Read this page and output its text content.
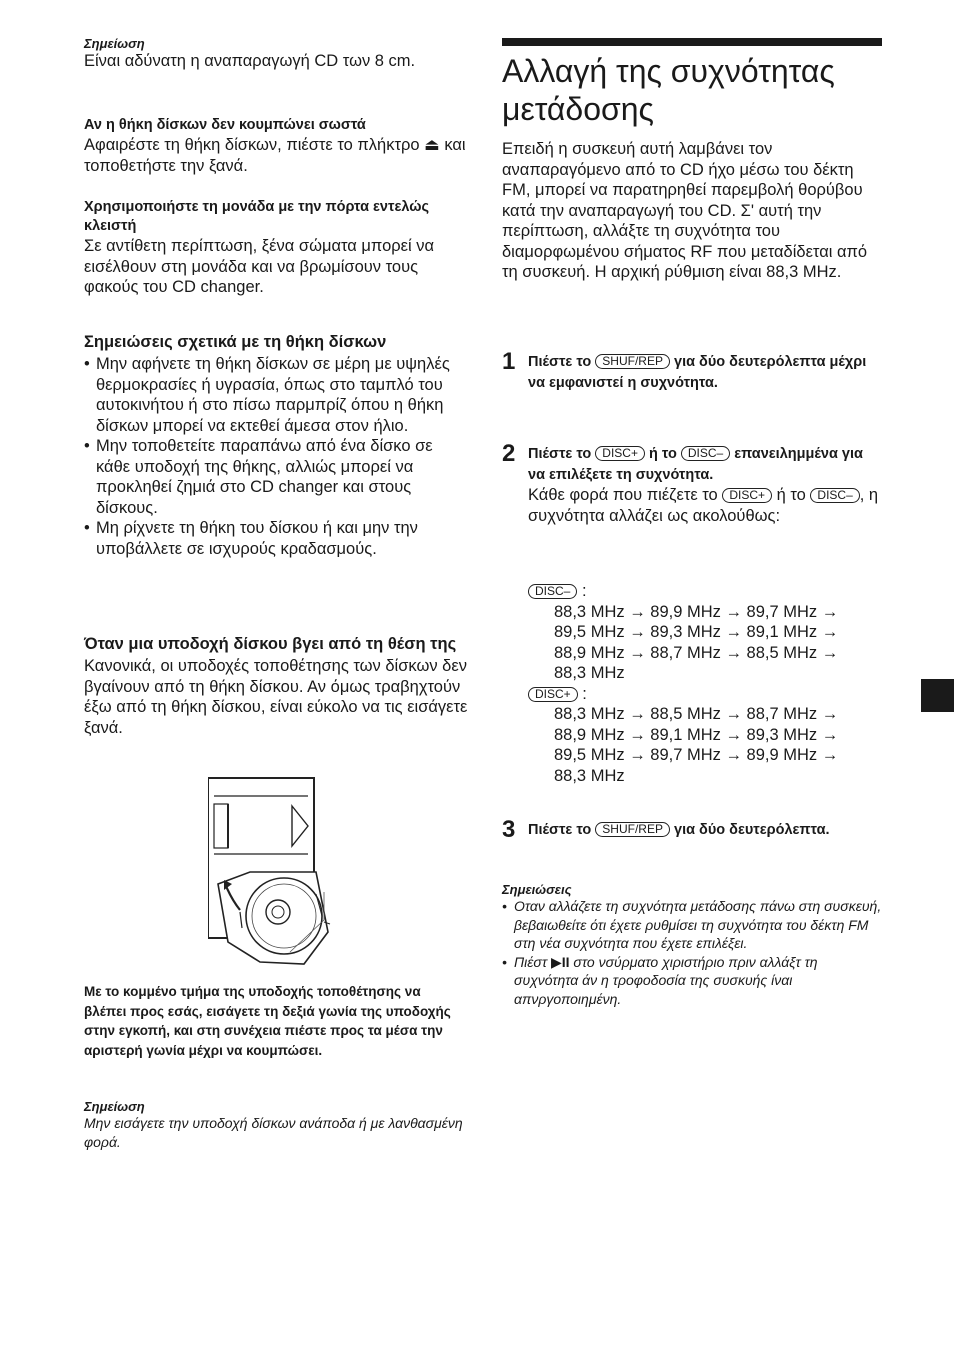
Σημείωση
Είναι αδύνατη η αναπαραγωγή CD των 8 cm.
Αν η θήκη δίσκων δεν κουμπώνει σωστά
Αφαιρέστε τη θήκη δίσκων, πιέστε το πλήκτρο ⏏ και τοποθετήστε την ξανά.
Χρησιμοποιήστε τη μονάδα με την πόρτα εντελώς κλειστή
Σε αντίθετη περίπτωση, ξένα σώματα μπορεί να εισέλθουν στη μονάδα και να βρωμίσουν τους φακούς του CD changer.
Σημειώσεις σχετικά με τη θήκη δίσκων
• Μην αφήνετε τη θήκη δίσκων σε μέρη με υψηλές θερμοκρασίες ή υγρασία, όπως στο ταμπλό του αυτοκινήτου ή στο πίσω παρμπρίζ όπου η θήκη δίσκων μπορεί να εκτεθεί άμεσα στον ήλιο.
• Μην τοποθετείτε παραπάνω από ένα δίσκο σε κάθε υποδοχή της θήκης, αλλιώς μπορεί να προκληθεί ζημιά στο CD changer και στους δίσκους.
• Μη ρίχνετε τη θήκη του δίσκου ή και μην την υποβάλλετε σε ισχυρούς κραδασμούς.
Όταν μια υποδοχή δίσκου βγει από τη θέση της
Κανονικά, οι υποδοχές τοποθέτησης των δίσκων δεν βγαίνουν από τη θήκη δίσκου. Αν όμως τραβηχτούν έξω από τη θήκη δίσκου, είναι εύκολο να τις εισάγετε ξανά.
Με το κομμένο τμήμα της υποδοχής τοποθέτησης να βλέπει προς εσάς, εισάγετε τη δεξιά γωνία της υποδοχής στην εγκοπή, και στη συνέχεια πιέστε προς τα μέσα την αριστερή γωνία μέχρι να κουμπώσει.
Σημείωση
Μην εισάγετε την υποδοχή δίσκων ανάποδα ή με λανθασμένη φορά.
Αλλαγή της συχνότητας μετάδοσης
Επειδή η συσκευή αυτή λαμβάνει τον αναπαραγόμενο από το CD ήχο μέσω του δέκτη FM, μπορεί να παρατηρηθεί παρεμβολή θορύβου κατά την αναπαραγωγή του CD. Σ' αυτή την περίπτωση, αλλάξτε τη συχνότητα του διαμορφωμένου σήματος RF που μεταδίδεται από τη συσκευή. Η αρχική ρύθμιση είναι 88,3 MHz.
1 Πιέστε το SHUF/REP για δύο δευτερόλεπτα μέχρι να εμφανιστεί η συχνότητα.
2 Πιέστε το DISC+ ή το DISC– επανειλημμένα για να επιλέξετε τη συχνότητα.
Κάθε φορά που πιέζετε το DISC+ ή το DISC– , η συχνότητα αλλάζει ως ακολούθως:
DISC– :
88,3 MHz → 89,9 MHz → 89,7 MHz →
89,5 MHz → 89,3 MHz → 89,1 MHz →
88,9 MHz → 88,7 MHz → 88,5 MHz →
88,3 MHz
DISC+ :
88,3 MHz → 88,5 MHz → 88,7 MHz →
88,9 MHz → 89,1 MHz → 89,3 MHz →
89,5 MHz → 89,7 MHz → 89,9 MHz →
88,3 MHz
3 Πιέστε το SHUF/REP για δύο δευτερόλεπτα.
Σημειώσεις
• Οταν αλλάζετε τη συχνότητα μετάδοσης πάνω στη συσκευή, βεβαιωθείτε ότι έχετε ρυθμίσει τη συχνότητα του δέκτη FM στη νέα συχνότητα που έχετε επιλέξει.
• Πιέστ ▶II στο νσύρματο χιριστήριο πριν αλλάξτ τη συχνότητα άν η τροφοδοσία της συσκυής ίναι απνργοποιημένη.
